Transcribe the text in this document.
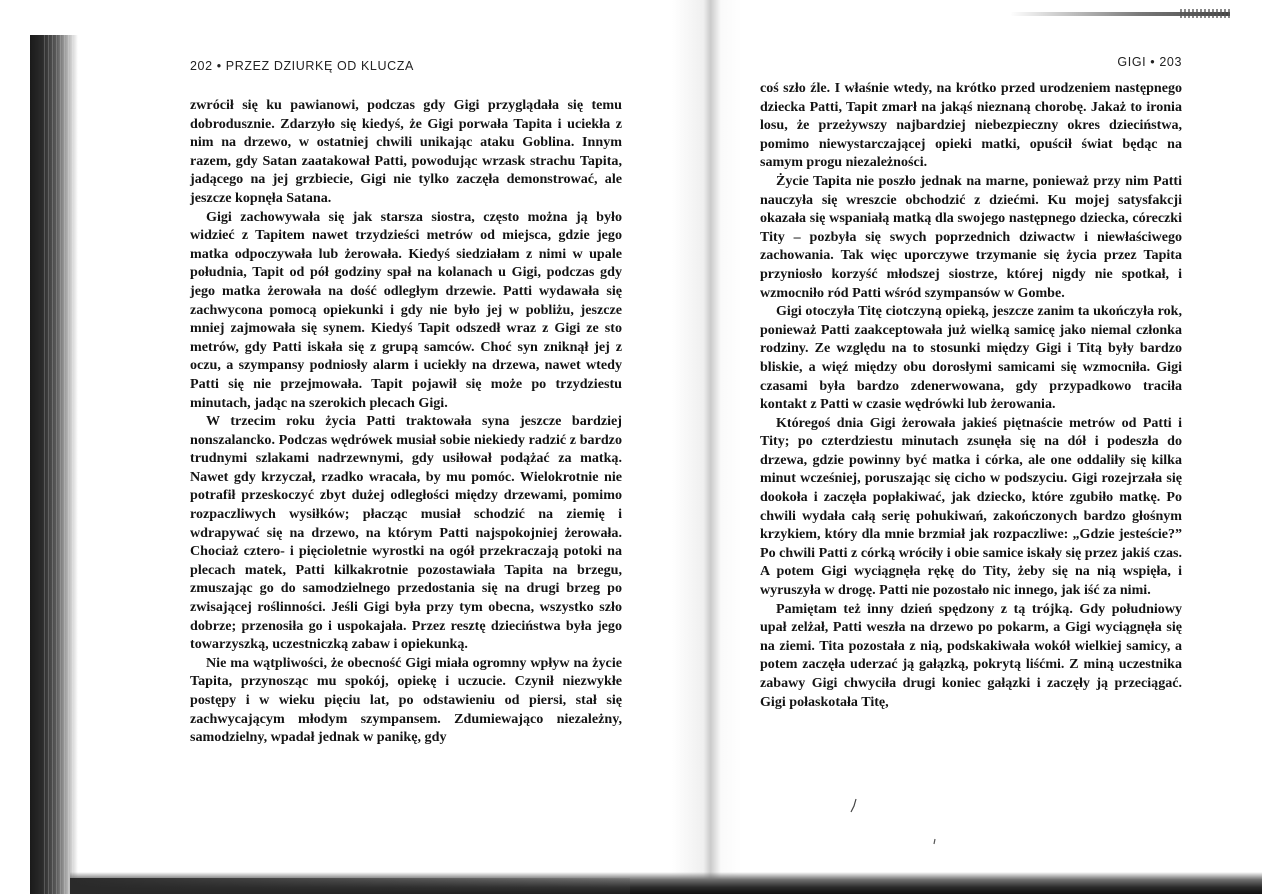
202 • PRZEZ DZIURKĘ OD KLUCZA

zwrócił się ku pawianowi, podczas gdy Gigi przyglądała się temu dobrodusznie. Zdarzyło się kiedyś, że Gigi porwała Tapita i uciekła z nim na drzewo, w ostatniej chwili unikając ataku Goblina. Innym razem, gdy Satan zaatakował Patti, powodując wrzask strachu Tapita, jadącego na jej grzbiecie, Gigi nie tylko zaczęła demonstrować, ale jeszcze kopnęła Satana.

Gigi zachowywała się jak starsza siostra, często można ją było widzieć z Tapitem nawet trzydzieści metrów od miejsca, gdzie jego matka odpoczywała lub żerowała. Kiedyś siedziałam z nimi w upale południa, Tapit od pół godziny spał na kolanach u Gigi, podczas gdy jego matka żerowała na dość odległym drzewie. Patti wydawała się zachwycona pomocą opiekunki i gdy nie było jej w pobliżu, jeszcze mniej zajmowała się synem. Kiedyś Tapit odszedł wraz z Gigi ze sto metrów, gdy Patti iskała się z grupą samców. Choć syn zniknął jej z oczu, a szympansy podniosły alarm i uciekły na drzewa, nawet wtedy Patti się nie przejmowała. Tapit pojawił się może po trzydziestu minutach, jadąc na szerokich plecach Gigi.

W trzecim roku życia Patti traktowała syna jeszcze bardziej nonszalancko. Podczas wędrówek musiał sobie niekiedy radzić z bardzo trudnymi szlakami nadrzewnymi, gdy usiłował podążać za matką. Nawet gdy krzyczał, rzadko wracała, by mu pomóc. Wielokrotnie nie potrafił przeskoczyć zbyt dużej odległości między drzewami, pomimo rozpaczliwych wysiłków; płacząc musiał schodzić na ziemię i wdrapywać się na drzewo, na którym Patti najspokojniej żerowała. Chociaż cztero- i pięcioletnie wyrostki na ogół przekraczają potoki na plecach matek, Patti kilkakrotnie pozostawiała Tapita na brzegu, zmuszając go do samodzielnego przedostania się na drugi brzeg po zwisającej roślinności. Jeśli Gigi była przy tym obecna, wszystko szło dobrze; przenosiła go i uspokajała. Przez resztę dzieciństwa była jego towarzyszką, uczestniczką zabaw i opiekunką.

Nie ma wątpliwości, że obecność Gigi miała ogromny wpływ na życie Tapita, przynosząc mu spokój, opiekę i uczucie. Czynił niezwykłe postępy i w wieku pięciu lat, po odstawieniu od piersi, stał się zachwycającym młodym szympansem. Zdumiewająco niezależny, samodzielny, wpadał jednak w panikę, gdy

GIGI • 203

coś szło źle. I właśnie wtedy, na krótko przed urodzeniem następnego dziecka Patti, Tapit zmarł na jakąś nieznaną chorobę. Jakaż to ironia losu, że przeżywszy najbardziej niebezpieczny okres dzieciństwa, pomimo niewystarczającej opieki matki, opuścił świat będąc na samym progu niezależności.

Życie Tapita nie poszło jednak na marne, ponieważ przy nim Patti nauczyła się wreszcie obchodzić z dziećmi. Ku mojej satysfakcji okazała się wspaniałą matką dla swojego następnego dziecka, córeczki Tity – pozbyła się swych poprzednich dziwactw i niewłaściwego zachowania. Tak więc uporczywe trzymanie się życia przez Tapita przyniosło korzyść młodszej siostrze, której nigdy nie spotkał, i wzmocniło ród Patti wśród szympansów w Gombe.

Gigi otoczyła Titę ciotczyną opieką, jeszcze zanim ta ukończyła rok, ponieważ Patti zaakceptowała już wielką samicę jako niemal członka rodziny. Ze względu na to stosunki między Gigi i Titą były bardzo bliskie, a więź między obu dorosłymi samicami się wzmocniła. Gigi czasami była bardzo zdenerwowana, gdy przypadkowo traciła kontakt z Patti w czasie wędrówki lub żerowania.

Któregoś dnia Gigi żerowała jakieś piętnaście metrów od Patti i Tity; po czterdziestu minutach zsunęła się na dół i podeszła do drzewa, gdzie powinny być matka i córka, ale one oddaliły się kilka minut wcześniej, poruszając się cicho w podszyciu. Gigi rozejrzała się dookoła i zaczęła popłakiwać, jak dziecko, które zgubiło matkę. Po chwili wydała całą serię pohukiwań, zakończonych bardzo głośnym krzykiem, który dla mnie brzmiał jak rozpaczliwe: „Gdzie jesteście?” Po chwili Patti z córką wróciły i obie samice iskały się przez jakiś czas. A potem Gigi wyciągnęła rękę do Tity, żeby się na nią wspięła, i wyruszyła w drogę. Patti nie pozostało nic innego, jak iść za nimi.

Pamiętam też inny dzień spędzony z tą trójką. Gdy południowy upał zelżał, Patti weszła na drzewo po pokarm, a Gigi wyciągnęła się na ziemi. Tita pozostała z nią, podskakiwała wokół wielkiej samicy, a potem zaczęła uderzać ją gałązką, pokrytą liśćmi. Z miną uczestnika zabawy Gigi chwyciła drugi koniec gałązki i zaczęły ją przeciągać. Gigi połaskotała Titę,
